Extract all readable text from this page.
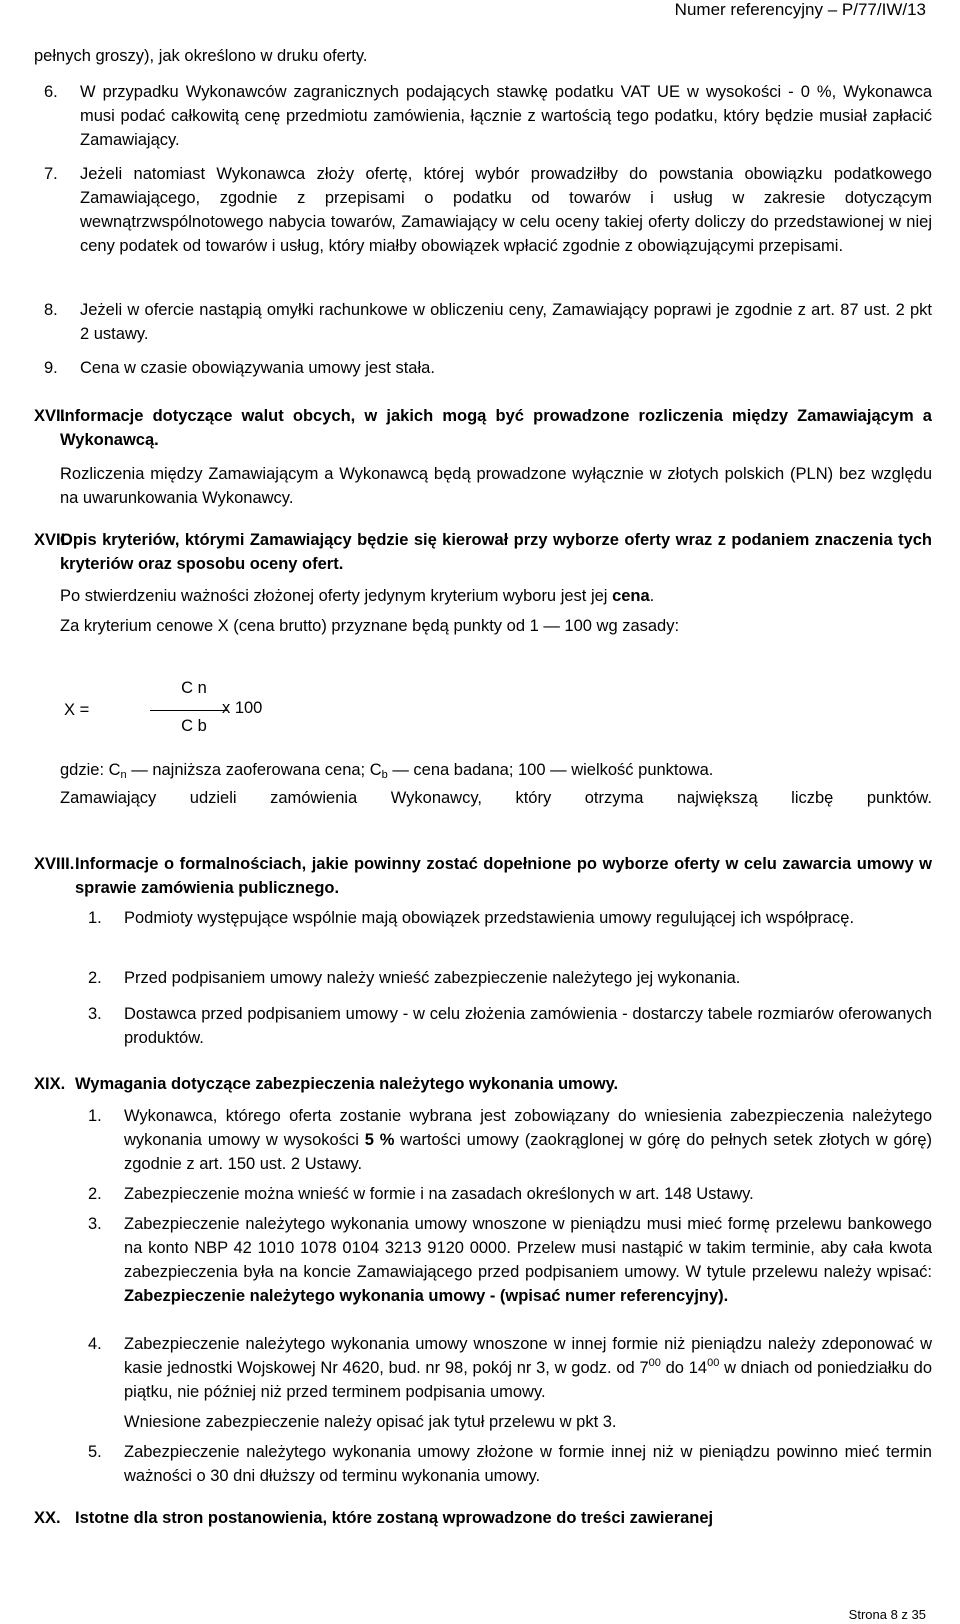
Numer referencyjny – P/77/IW/13
pełnych groszy), jak określono w druku oferty.
6.	W przypadku Wykonawców zagranicznych podających stawkę podatku VAT UE w wysokości - 0 %, Wykonawca musi podać całkowitą cenę przedmiotu zamówienia, łącznie z wartością tego podatku, który będzie musiał zapłacić Zamawiający.
7.	Jeżeli natomiast Wykonawca złoży ofertę, której wybór prowadziłby do powstania obowiązku podatkowego Zamawiającego, zgodnie z przepisami o podatku od towarów i usług w zakresie dotyczącym wewnątrzwspólnotowego nabycia towarów, Zamawiający w celu oceny takiej oferty doliczy do przedstawionej w niej ceny podatek od towarów i usług, który miałby obowiązek wpłacić zgodnie z obowiązującymi przepisami.
8.	Jeżeli w ofercie nastąpią omyłki rachunkowe w obliczeniu ceny, Zamawiający poprawi je zgodnie z art. 87 ust. 2 pkt 2 ustawy.
9.	Cena w czasie obowiązywania umowy jest stała.
XVI.
Informacje dotyczące walut obcych, w jakich mogą być prowadzone rozliczenia między Zamawiającym a Wykonawcą.
Rozliczenia między Zamawiającym a Wykonawcą będą prowadzone wyłącznie w złotych polskich (PLN) bez względu na uwarunkowania Wykonawcy.
XVII.
Opis kryteriów, którymi Zamawiający będzie się kierował przy wyborze oferty wraz z podaniem znaczenia tych kryteriów oraz sposobu oceny ofert.
Po stwierdzeniu ważności złożonej oferty jedynym kryterium wyboru jest jej cena.
Za kryterium cenowe X (cena brutto) przyznane będą punkty od 1 — 100 wg zasady:
X =
C n
C b
x 100
gdzie: $C_n$ — najniższa zaoferowana cena; $C_b$ — cena badana; 100 — wielkość punktowa.
Zamawiający udzieli zamówienia Wykonawcy, który otrzyma największą liczbę punktów.
XVIII. Informacje o formalnościach, jakie powinny zostać dopełnione po wyborze oferty w celu zawarcia umowy w sprawie zamówienia publicznego.
1.	Podmioty występujące wspólnie mają obowiązek przedstawienia umowy regulującej ich współpracę.
2.	Przed podpisaniem umowy należy wnieść zabezpieczenie należytego jej wykonania.
3.	Dostawca przed podpisaniem umowy - w celu złożenia zamówienia - dostarczy tabele rozmiarów oferowanych produktów.
XIX. Wymagania dotyczące zabezpieczenia należytego wykonania umowy.
1.	Wykonawca, którego oferta zostanie wybrana jest zobowiązany do wniesienia zabezpieczenia należytego wykonania umowy w wysokości 5 % wartości umowy (zaokrąglonej w górę do pełnych setek złotych w górę) zgodnie z art. 150 ust. 2 Ustawy.
2.	Zabezpieczenie można wnieść w formie i na zasadach określonych w art. 148 Ustawy.
3.	Zabezpieczenie należytego wykonania umowy wnoszone w pieniądzu musi mieć formę przelewu bankowego na konto NBP 42 1010 1078 0104 3213 9120 0000. Przelew musi nastąpić w takim terminie, aby cała kwota zabezpieczenia była na koncie Zamawiającego przed podpisaniem umowy. W tytule przelewu należy wpisać: Zabezpieczenie należytego wykonania umowy - (wpisać numer referencyjny).
4.	Zabezpieczenie należytego wykonania umowy wnoszone w innej formie niż pieniądzu należy zdeponować w kasie jednostki Wojskowej Nr 4620, bud. nr 98, pokój nr 3, w godz. od $7^{00}$ do $14^{00}$ w dniach od poniedziałku do piątku, nie później niż przed terminem podpisania umowy.
Wniesione zabezpieczenie należy opisać jak tytuł przelewu w pkt 3.
5.	Zabezpieczenie należytego wykonania umowy złożone w formie innej niż w pieniądzu powinno mieć termin ważności o 30 dni dłuższy od terminu wykonania umowy.
XX. Istotne dla stron postanowienia, które zostaną wprowadzone do treści zawieranej
Strona 8 z 35
